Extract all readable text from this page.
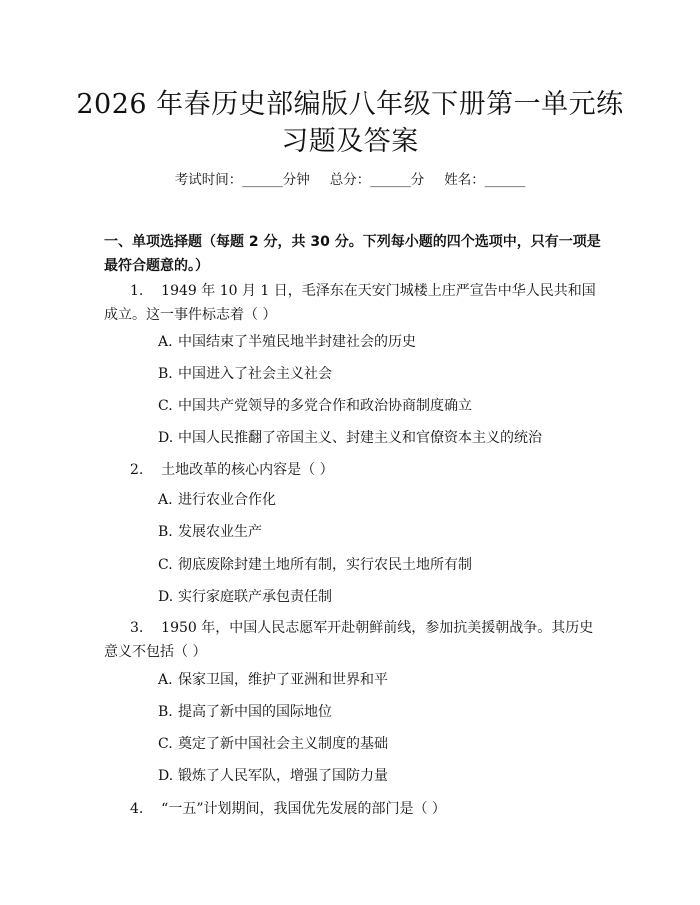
2026 年春历史部编版八年级下册第一单元练
习题及答案
考试时间：______分钟 总分：______分 姓名：______
一、单项选择题（每题 2 分，共 30 分。下列每小题的四个选项中，只有一项是最符合题意的。）
1. 1949 年 10 月 1 日，毛泽东在天安门城楼上庄严宣告中华人民共和国成立。这一事件标志着（ ）
A. 中国结束了半殖民地半封建社会的历史
B. 中国进入了社会主义社会
C. 中国共产党领导的多党合作和政治协商制度确立
D. 中国人民推翻了帝国主义、封建主义和官僚资本主义的统治
2. 土地改革的核心内容是（ ）
A. 进行农业合作化
B. 发展农业生产
C. 彻底废除封建土地所有制，实行农民土地所有制
D. 实行家庭联产承包责任制
3. 1950 年，中国人民志愿军开赴朝鲜前线，参加抗美援朝战争。其历史意义不包括（ ）
A. 保家卫国，维护了亚洲和世界和平
B. 提高了新中国的国际地位
C. 奠定了新中国社会主义制度的基础
D. 锻炼了人民军队，增强了国防力量
4. “一五”计划期间，我国优先发展的部门是（ ）
